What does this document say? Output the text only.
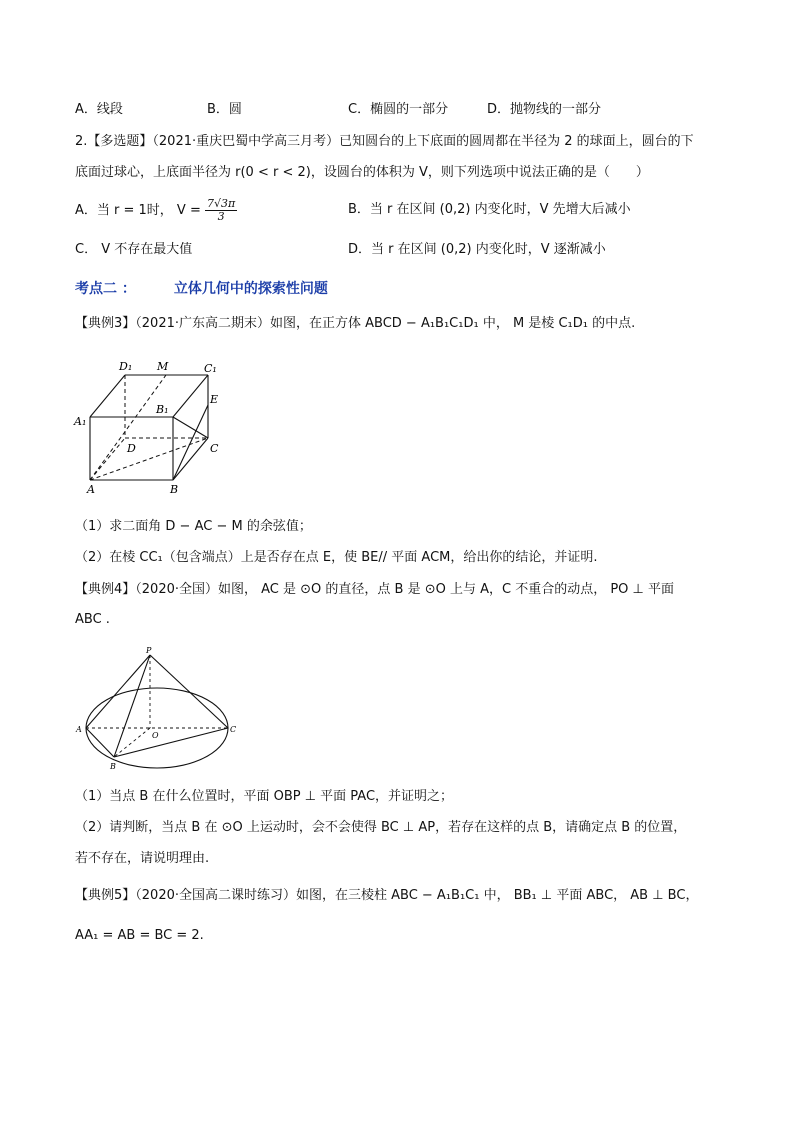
A．线段	B．圆	C．椭圆的一部分	D．抛物线的一部分
2.【多选题】（2021·重庆巴蜀中学高三月考）已知圆台的上下底面的圆周都在半径为 2 的球面上，圆台的下
底面过球心，上底面半径为 r(0 < r < 2)，设圆台的体积为 V，则下列选项中说法正确的是（　　）
A．当 r = 1时， $V = \frac{7√3\pi}{3}$	B．当 r 在区间 (0,2) 内变化时，V 先增大后减小
C． V 不存在最大值	D．当 r 在区间 (0,2) 内变化时，V 逐渐减小
考点二 ：	立体几何中的探索性问题
【典例3】（2021·广东高二期末）如图，在正方体 ABCD − A₁B₁C₁D₁ 中， M 是棱 C₁D₁ 的中点.
D₁ M	C₁
A₁
B₁
E
D	C
A	B
（1）求二面角 D − AC − M 的余弦值；
（2）在棱 CC₁（包含端点）上是否存在点 E，使 BE// 平面 ACM，给出你的结论，并证明.
【典例4】（2020·全国）如图， AC 是 ⊙O 的直径，点 B 是 ⊙O 上与 A，C 不重合的动点， PO ⊥ 平面
ABC .
P
A
O
C
B
（1）当点 B 在什么位置时，平面 OBP ⊥ 平面 PAC，并证明之；
（2）请判断，当点 B 在 ⊙O 上运动时，会不会使得 BC ⊥ AP，若存在这样的点 B，请确定点 B 的位置，
若不存在，请说明理由.
【典例5】（2020·全国高二课时练习）如图，在三棱柱 ABC − A₁B₁C₁ 中， BB₁ ⊥ 平面 ABC， AB ⊥ BC，
AA₁ = AB = BC = 2.
